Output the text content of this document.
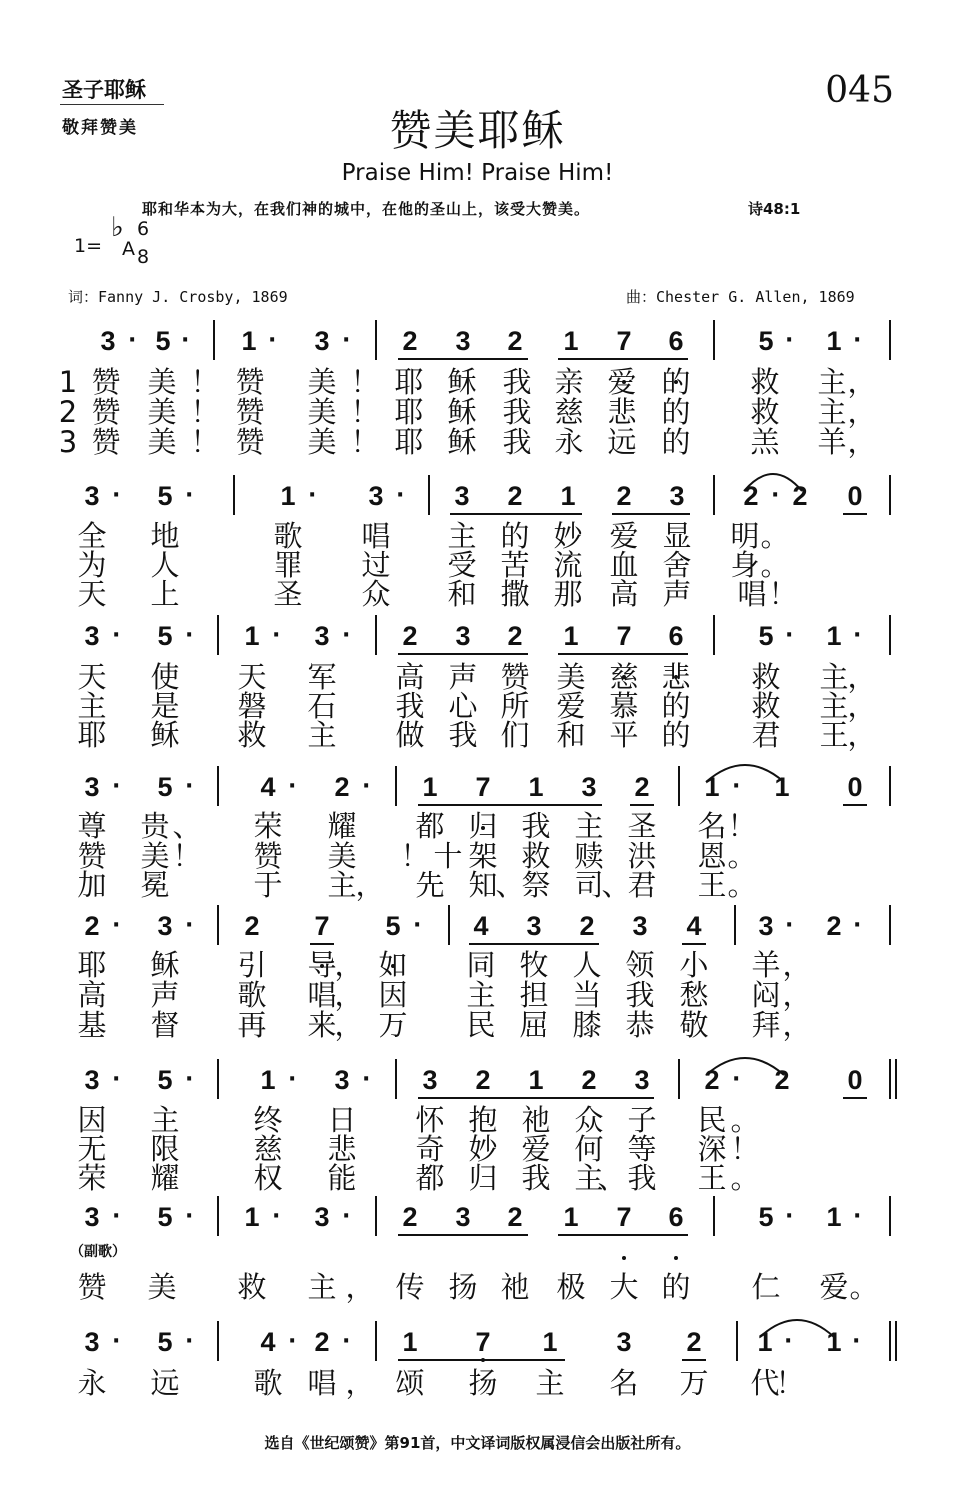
圣子耶稣
敬拜赞美
045
赞美耶稣
Praise Him! Praise Him!
耶和华本为大，在我们神的城中，在他的圣山上，该受大赞美。	诗48:1
1=
♭
A
6
8
词：Fanny J. Crosby, 1869	曲：Chester G. Allen, 1869
（副歌）
选自《世纪颂赞》第91首，中文译词版权属浸信会出版社所有。
3 · 5 · 1 · 3 · 2 3 2 1 7 6	5 · 1 ·
1 赞 美 ！ 赞 美 ！ 耶 稣 我 亲 爱 的 救 主 ，
2 赞 美 ！ 赞 美 ！ 耶 稣 我 慈 悲 的 救 主 ，
3 赞 美 ！ 赞 美 ！ 耶 稣 我 永 远 的 羔 羊 ，
3 · 5 ·	1 · 3 · 3 2 1 2 3 2 · 2 0
全 地	歌 唱 主 的 妙 爱 显 明 。
为 人	罪 过 受 苦 流 血 舍 身 。
天 上	圣 众 和 撒 那 高 声 唱 ！
3 · 5 · 1 · 3 · 2 3 2 1 7 6	5 · 1 ·
天 使 天 军 高 声 赞 美 慈 悲 救 主
，
主 是 磐 石 我 心 所 爱 慕 的 救 主
，
耶 稣 救 主 做 我 们 和 平 的 君 王
，
3 · 5 · 4 · 2 · 1 7 1 3 2 1 · 1 0
尊 贵 、 荣 耀 都 归 我 主 圣 名 ！
赞 美 ！ 赞 美 ！ 十 架 救 赎 洪 恩 。
加 冕	于 主
， 先 知
、
祭 司
、
君 王 。
2 · 3 · 2 7 5 · 4 3 2 3 4 3 · 2 ·
耶 稣 引 导
， 如 同 牧 人 领 小 羊 ，
高 声 歌 唱
， 因 主 担 当 我 愁 闷 ，
基 督 再 来
， 万 民 屈 膝 恭 敬 拜 ，
3 · 5 · 1 · 3 · 3 2 1 2 3 2 · 2 0
因 主	终 日 怀 抱 祂 众 子 民 。
无 限	慈 悲 奇 妙 爱 何 等 深 ！
荣 耀	权 能 都 归 我 主
、 我 王 。
3 · 5 · 1 · 3 · 2 3 2 1 7 6	5 · 1 ·
赞 美 救 主 ， 传 扬 祂 极 大 的 仁 爱 。
3 · 5 · 4 · 2 · 1 7 1 3 2 1 · 1 ·
永 远	歌 唱 ， 颂 扬 主 名 万 代
！
